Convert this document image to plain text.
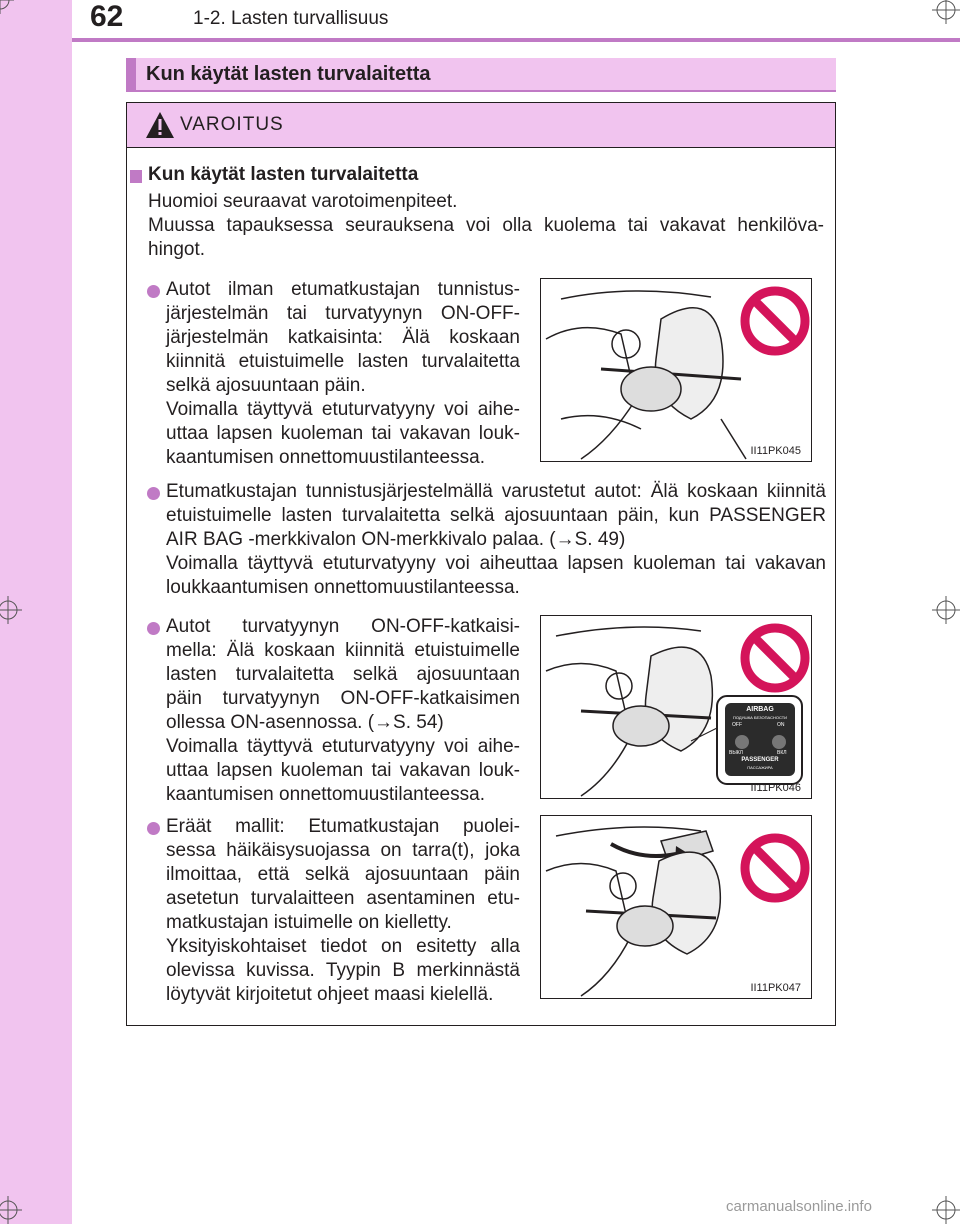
62	1-2. Lasten turvallisuus
Kun käytät lasten turvalaitetta
VAROITUS
Kun käytät lasten turvalaitetta
Huomioi seuraavat varotoimenpiteet.
Muussa tapauksessa seurauksena voi olla kuolema tai vakavat henkilöva-
hingot.
Autot ilman etumatkustajan tunnistus-
järjestelmän tai turvatyynyn ON-OFF-
järjestelmän katkaisinta: Älä koskaan
kiinnitä etuistuimelle lasten turvalaitetta
selkä ajosuuntaan päin.
Voimalla täyttyvä etuturvatyyny voi aihe-
uttaa lapsen kuoleman tai vakavan louk-
kaantumisen onnettomuustilanteessa.	II11PK045
Etumatkustajan tunnistusjärjestelmällä varustetut autot: Älä koskaan kiinnitä
etuistuimelle lasten turvalaitetta selkä ajosuuntaan päin, kun PASSENGER
AIR BAG -merkkivalon ON-merkkivalo palaa. (→S. 49)
Voimalla täyttyvä etuturvatyyny voi aiheuttaa lapsen kuoleman tai vakavan
loukkaantumisen onnettomuustilanteessa.
Autot turvatyynyn ON-OFF-katkaisi-
mella: Älä koskaan kiinnitä etuistuimelle
lasten turvalaitetta selkä ajosuuntaan
päin turvatyynyn ON-OFF-katkaisimen
ollessa ON-asennossa. (→S. 54)
Voimalla täyttyvä etuturvatyyny voi aihe-
uttaa lapsen kuoleman tai vakavan louk-
kaantumisen onnettomuustilanteessa.
AIRBAG
ПОДУШКА БЕЗОПАСНОСТИ
OFF	ON
ВЫКЛ	ВКЛ
PASSENGER
ПАССАЖИРА
II11PK046
Eräät mallit: Etumatkustajan puolei-
sessa häikäisysuojassa on tarra(t), joka
ilmoittaa, että selkä ajosuuntaan päin
asetetun turvalaitteen asentaminen etu-
matkustajan istuimelle on kielletty.
Yksityiskohtaiset tiedot on esitetty alla
olevissa kuvissa. Tyypin B merkinnästä
löytyvät kirjoitetut ohjeet maasi kielellä.	II11PK047
carmanualsonline.info
